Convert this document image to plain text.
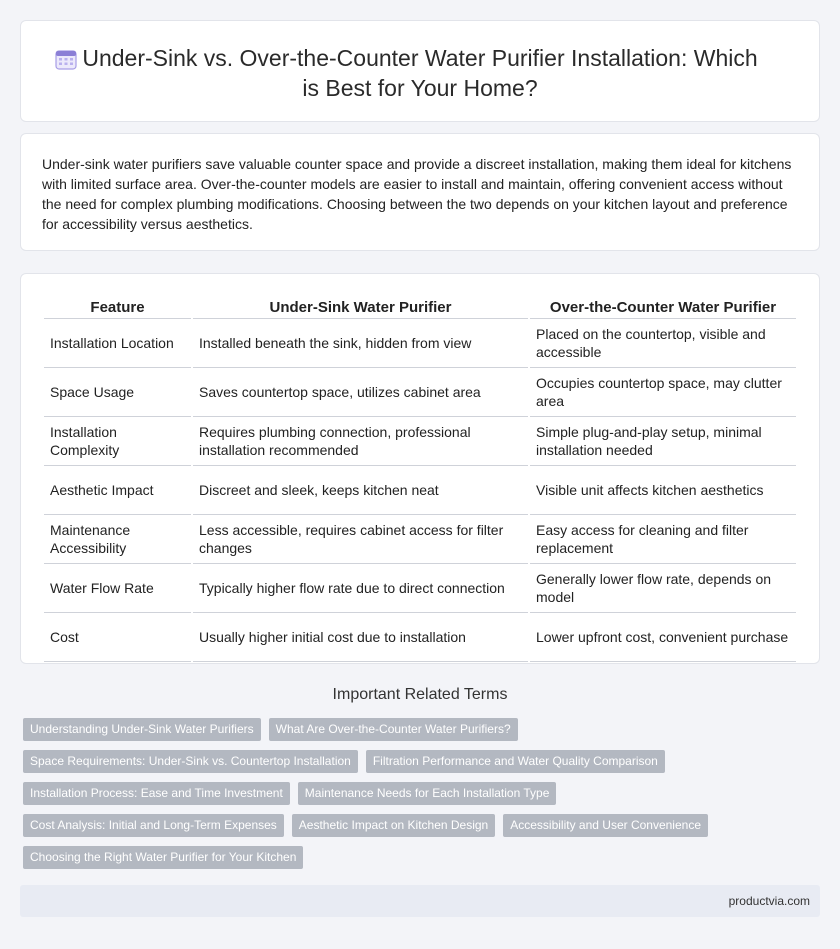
Under-Sink vs. Over-the-Counter Water Purifier Installation: Which is Best for Your Home?

Under-sink water purifiers save valuable counter space and provide a discreet installation, making them ideal for kitchens with limited surface area. Over-the-counter models are easier to install and maintain, offering convenient access without the need for complex plumbing modifications. Choosing between the two depends on your kitchen layout and preference for accessibility versus aesthetics.

Feature	Under-Sink Water Purifier	Over-the-Counter Water Purifier
Installation Location	Installed beneath the sink, hidden from view	Placed on the countertop, visible and accessible
Space Usage	Saves countertop space, utilizes cabinet area	Occupies countertop space, may clutter area
Installation Complexity	Requires plumbing connection, professional installation recommended	Simple plug-and-play setup, minimal installation needed
Aesthetic Impact	Discreet and sleek, keeps kitchen neat	Visible unit affects kitchen aesthetics
Maintenance Accessibility	Less accessible, requires cabinet access for filter changes	Easy access for cleaning and filter replacement
Water Flow Rate	Typically higher flow rate due to direct connection	Generally lower flow rate, depends on model
Cost	Usually higher initial cost due to installation	Lower upfront cost, convenient purchase
Important Related Terms
Understanding Under-Sink Water Purifiers	What Are Over-the-Counter Water Purifiers?
Space Requirements: Under-Sink vs. Countertop Installation	Filtration Performance and Water Quality Comparison
Installation Process: Ease and Time Investment	Maintenance Needs for Each Installation Type
Cost Analysis: Initial and Long-Term Expenses	Aesthetic Impact on Kitchen Design	Accessibility and User Convenience
Choosing the Right Water Purifier for Your Kitchen
productvia.com
